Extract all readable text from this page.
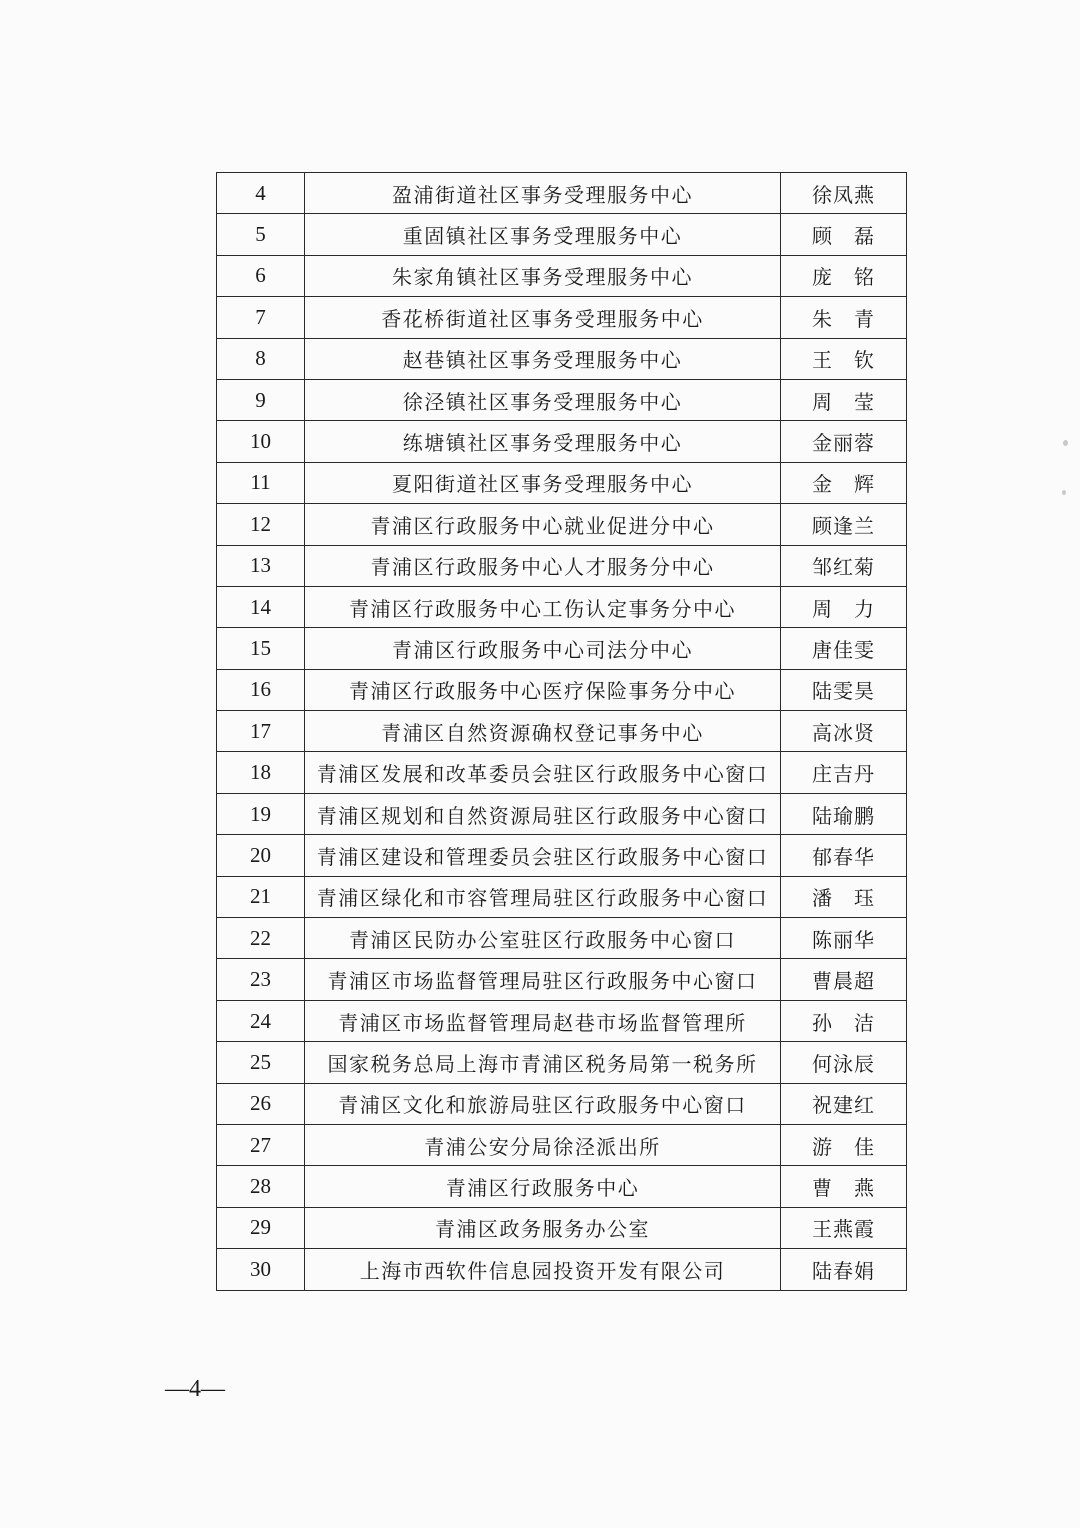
4	盈浦街道社区事务受理服务中心	徐凤燕
5	重固镇社区事务受理服务中心	顾　磊
6	朱家角镇社区事务受理服务中心	庞　铭
7	香花桥街道社区事务受理服务中心	朱　青
8	赵巷镇社区事务受理服务中心	王　钦
9	徐泾镇社区事务受理服务中心	周　莹
10	练塘镇社区事务受理服务中心	金丽蓉
11	夏阳街道社区事务受理服务中心	金　辉
12	青浦区行政服务中心就业促进分中心	顾逢兰
13	青浦区行政服务中心人才服务分中心	邹红菊
14	青浦区行政服务中心工伤认定事务分中心	周　力
15	青浦区行政服务中心司法分中心	唐佳雯
16	青浦区行政服务中心医疗保险事务分中心	陆雯昊
17	青浦区自然资源确权登记事务中心	高冰贤
18	青浦区发展和改革委员会驻区行政服务中心窗口	庄吉丹
19	青浦区规划和自然资源局驻区行政服务中心窗口	陆瑜鹏
20	青浦区建设和管理委员会驻区行政服务中心窗口	郁春华
21	青浦区绿化和市容管理局驻区行政服务中心窗口	潘　珏
22	青浦区民防办公室驻区行政服务中心窗口	陈丽华
23	青浦区市场监督管理局驻区行政服务中心窗口	曹晨超
24	青浦区市场监督管理局赵巷市场监督管理所	孙　洁
25	国家税务总局上海市青浦区税务局第一税务所	何泳辰
26	青浦区文化和旅游局驻区行政服务中心窗口	祝建红
27	青浦公安分局徐泾派出所	游　佳
28	青浦区行政服务中心	曹　燕
29	青浦区政务服务办公室	王燕霞
30	上海市西软件信息园投资开发有限公司	陆春娟
—4—
